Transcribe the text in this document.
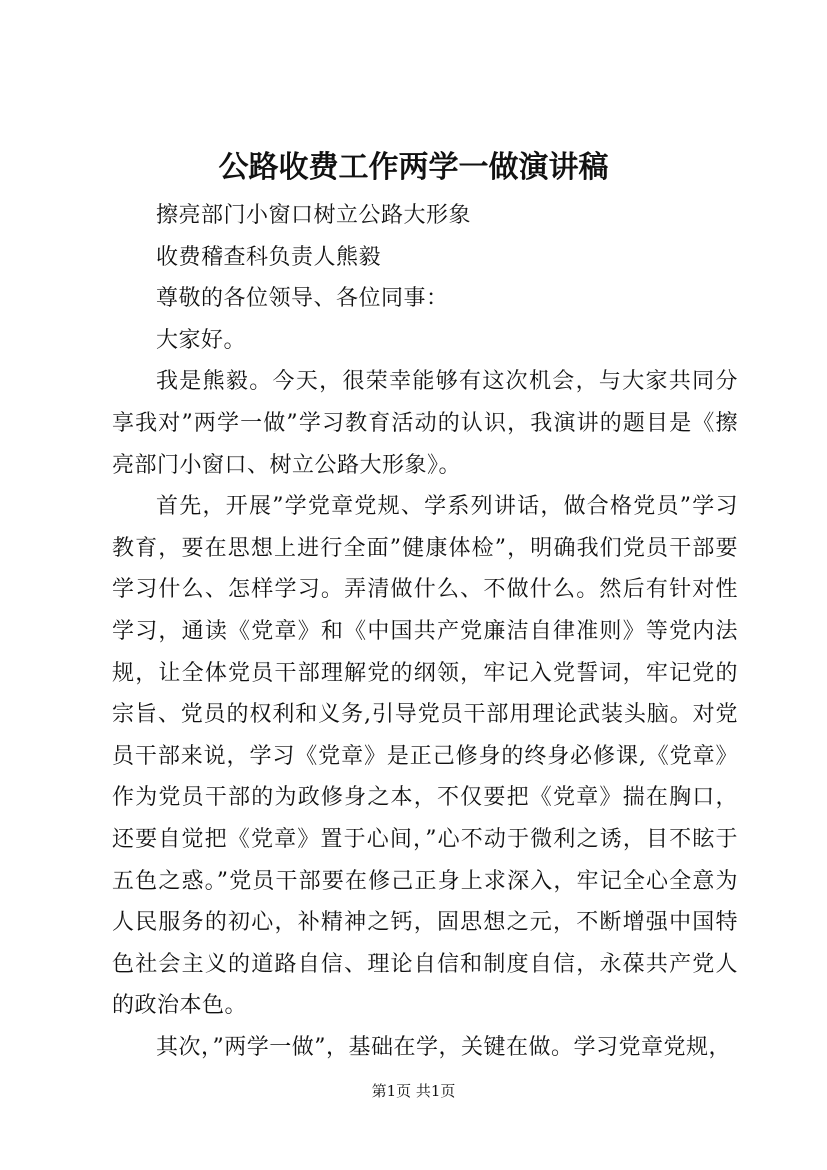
公路收费工作两学一做演讲稿

擦亮部门小窗口树立公路大形象

收费稽查科负责人熊毅

尊敬的各位领导、各位同事：

大家好。

我是熊毅。今天，很荣幸能够有这次机会，与大家共同分享我对”两学一做”学习教育活动的认识，我演讲的题目是《擦亮部门小窗口、树立公路大形象》。

首先，开展”学党章党规、学系列讲话，做合格党员”学习教育，要在思想上进行全面”健康体检”，明确我们党员干部要学习什么、怎样学习。弄清做什么、不做什么。然后有针对性学习，通读《党章》和《中国共产党廉洁自律准则》等党内法规，让全体党员干部理解党的纲领，牢记入党誓词，牢记党的宗旨、党员的权利和义务,引导党员干部用理论武装头脑。对党员干部来说，学习《党章》是正己修身的终身必修课,《党章》作为党员干部的为政修身之本，不仅要把《党章》揣在胸口，还要自觉把《党章》置于心间，”心不动于微利之诱，目不眩于五色之惑。”党员干部要在修己正身上求深入，牢记全心全意为人民服务的初心，补精神之钙，固思想之元，不断增强中国特色社会主义的道路自信、理论自信和制度自信，永葆共产党人的政治本色。

其次，”两学一做”，基础在学，关键在做。学习党章党规，

第1页 共1页
